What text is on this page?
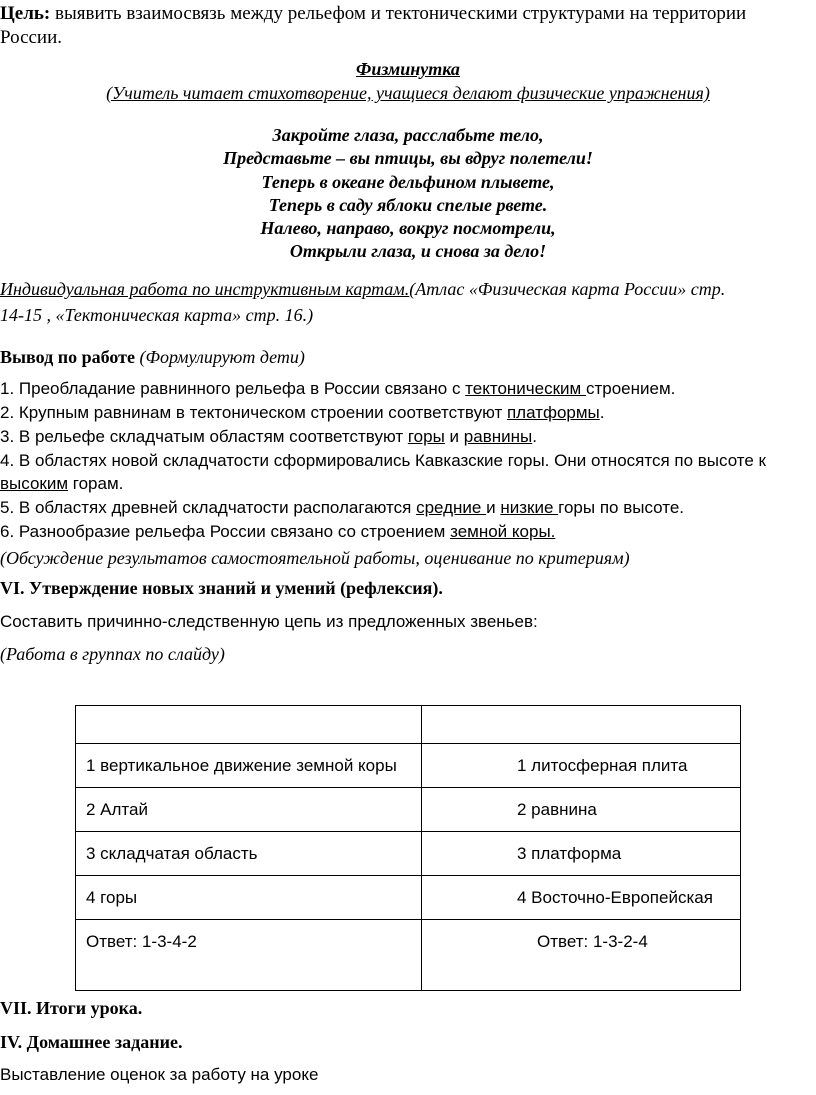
Цель: выявить взаимосвязь между рельефом и тектоническими структурами на территории России.
Физминутка
(Учитель читает стихотворение, учащиеся делают физические упражнения)
Закройте глаза, расслабьте тело,
Представьте – вы птицы, вы вдруг полетели!
Теперь в океане дельфином плывете,
Теперь в саду яблоки спелые рвете.
Налево, направо, вокруг посмотрели,
Открыли глаза, и снова за дело!
Индивидуальная работа по инструктивным картам.(Атлас «Физическая карта России» стр.
14-15 , «Тектоническая карта» стр. 16.)
Вывод по работе (Формулируют дети)
1. Преобладание равнинного рельефа в России связано с тектоническим строением.
2. Крупным равнинам в тектоническом строении соответствуют платформы.
3. В рельефе складчатым областям соответствуют горы и равнины.
4. В областях новой складчатости сформировались Кавказские горы. Они относятся по высоте к
высоким горам.
5. В областях древней складчатости располагаются средние и низкие горы по высоте.
6. Разнообразие рельефа России связано со строением земной коры.
(Обсуждение результатов самостоятельной работы, оценивание по критериям)
VI. Утверждение новых знаний и умений (рефлексия).
Составить причинно-следственную цепь из предложенных звеньев:
(Работа в группах по слайду)

1 вертикальное движение земной коры	1 литосферная плита
2 Алтай	2 равнина
3 складчатая область	3 платформа
4 горы	4 Восточно-Европейская
Ответ: 1-3-4-2	Ответ: 1-3-2-4
VII. Итоги урока.
IV. Домашнее задание.
Выставление оценок за работу на уроке
